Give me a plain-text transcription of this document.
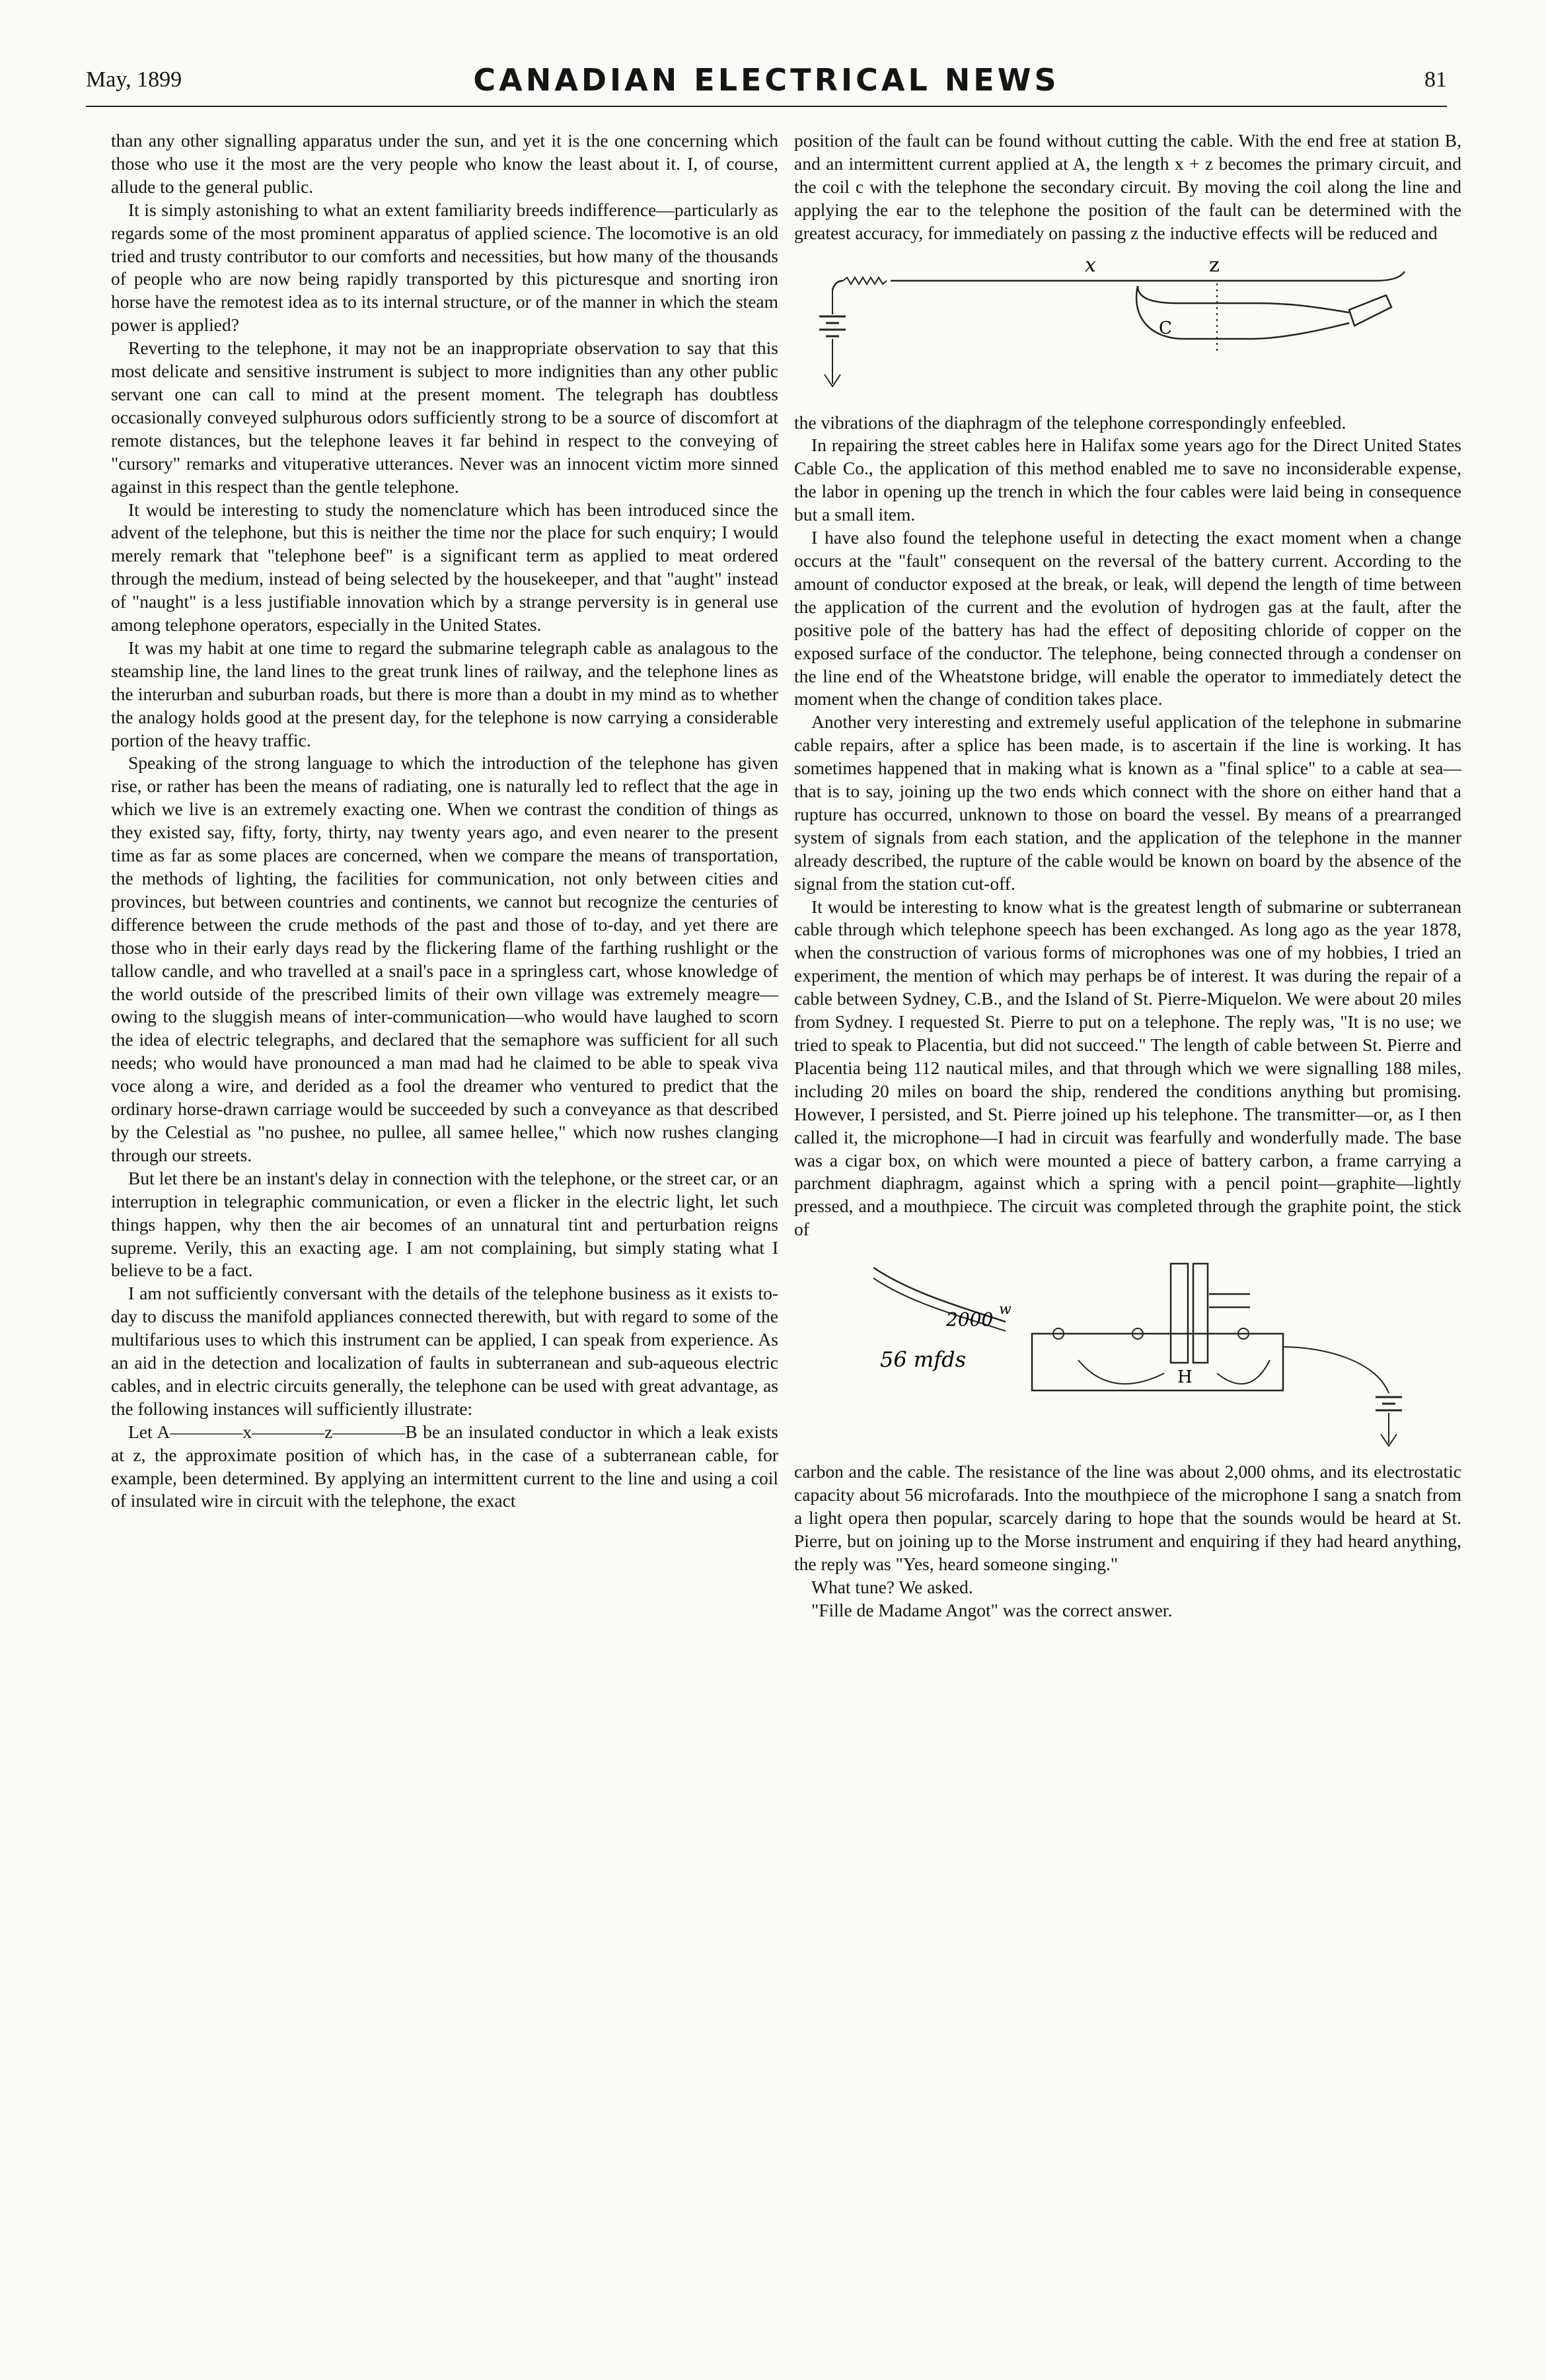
May, 1899	CANADIAN ELECTRICAL NEWS	81

than any other signalling apparatus under the sun, and yet it is the one concerning which those who use it the most are the very people who know the least about it. I, of course, allude to the general public.

It is simply astonishing to what an extent familiarity breeds indifference—particularly as regards some of the most prominent apparatus of applied science. The locomotive is an old tried and trusty contributor to our comforts and necessities, but how many of the thousands of people who are now being rapidly transported by this picturesque and snorting iron horse have the remotest idea as to its internal structure, or of the manner in which the steam power is applied?

Reverting to the telephone, it may not be an inappropriate observation to say that this most delicate and sensitive instrument is subject to more indignities than any other public servant one can call to mind at the present moment. The telegraph has doubtless occasionally conveyed sulphurous odors sufficiently strong to be a source of discomfort at remote distances, but the telephone leaves it far behind in respect to the conveying of "cursory" remarks and vituperative utterances. Never was an innocent victim more sinned against in this respect than the gentle telephone.

It would be interesting to study the nomenclature which has been introduced since the advent of the telephone, but this is neither the time nor the place for such enquiry; I would merely remark that "telephone beef" is a significant term as applied to meat ordered through the medium, instead of being selected by the housekeeper, and that "aught" instead of "naught" is a less justifiable innovation which by a strange perversity is in general use among telephone operators, especially in the United States.

It was my habit at one time to regard the submarine telegraph cable as analagous to the steamship line, the land lines to the great trunk lines of railway, and the telephone lines as the interurban and suburban roads, but there is more than a doubt in my mind as to whether the analogy holds good at the present day, for the telephone is now carrying a considerable portion of the heavy traffic.

Speaking of the strong language to which the introduction of the telephone has given rise, or rather has been the means of radiating, one is naturally led to reflect that the age in which we live is an extremely exacting one. When we contrast the condition of things as they existed say, fifty, forty, thirty, nay twenty years ago, and even nearer to the present time as far as some places are concerned, when we compare the means of transportation, the methods of lighting, the facilities for communication, not only between cities and provinces, but between countries and continents, we cannot but recognize the centuries of difference between the crude methods of the past and those of to-day, and yet there are those who in their early days read by the flickering flame of the farthing rushlight or the tallow candle, and who travelled at a snail's pace in a springless cart, whose knowledge of the world outside of the prescribed limits of their own village was extremely meagre—owing to the sluggish means of inter-communication—who would have laughed to scorn the idea of electric telegraphs, and declared that the semaphore was sufficient for all such needs; who would have pronounced a man mad had he claimed to be able to speak viva voce along a wire, and derided as a fool the dreamer who ventured to predict that the ordinary horse-drawn carriage would be succeeded by such a conveyance as that described by the Celestial as "no pushee, no pullee, all samee hellee," which now rushes clanging through our streets.

But let there be an instant's delay in connection with the telephone, or the street car, or an interruption in telegraphic communication, or even a flicker in the electric light, let such things happen, why then the air becomes of an unnatural tint and perturbation reigns supreme. Verily, this an exacting age. I am not complaining, but simply stating what I believe to be a fact.

I am not sufficiently conversant with the details of the telephone business as it exists to-day to discuss the manifold appliances connected therewith, but with regard to some of the multifarious uses to which this instrument can be applied, I can speak from experience. As an aid in the detection and localization of faults in subterranean and sub-aqueous electric cables, and in electric circuits generally, the telephone can be used with great advantage, as the following instances will sufficiently illustrate:

Let A————x————z————B be an insulated conductor in which a leak exists at z, the approximate position of which has, in the case of a subterranean cable, for example, been determined. By applying an intermittent current to the line and using a coil of insulated wire in circuit with the telephone, the exact

position of the fault can be found without cutting the cable. With the end free at station B, and an intermittent current applied at A, the length x + z becomes the primary circuit, and the coil c with the telephone the secondary circuit. By moving the coil along the line and applying the ear to the telephone the position of the fault can be determined with the greatest accuracy, for immediately on passing z the inductive effects will be reduced and

x	z
C

the vibrations of the diaphragm of the telephone correspondingly enfeebled.

In repairing the street cables here in Halifax some years ago for the Direct United States Cable Co., the application of this method enabled me to save no inconsiderable expense, the labor in opening up the trench in which the four cables were laid being in consequence but a small item.

I have also found the telephone useful in detecting the exact moment when a change occurs at the "fault" consequent on the reversal of the battery current. According to the amount of conductor exposed at the break, or leak, will depend the length of time between the application of the current and the evolution of hydrogen gas at the fault, after the positive pole of the battery has had the effect of depositing chloride of copper on the exposed surface of the conductor. The telephone, being connected through a condenser on the line end of the Wheatstone bridge, will enable the operator to immediately detect the moment when the change of condition takes place.

Another very interesting and extremely useful application of the telephone in submarine cable repairs, after a splice has been made, is to ascertain if the line is working. It has sometimes happened that in making what is known as a "final splice" to a cable at sea—that is to say, joining up the two ends which connect with the shore on either hand that a rupture has occurred, unknown to those on board the vessel. By means of a prearranged system of signals from each station, and the application of the telephone in the manner already described, the rupture of the cable would be known on board by the absence of the signal from the station cut-off.

It would be interesting to know what is the greatest length of submarine or subterranean cable through which telephone speech has been exchanged. As long ago as the year 1878, when the construction of various forms of microphones was one of my hobbies, I tried an experiment, the mention of which may perhaps be of interest. It was during the repair of a cable between Sydney, C.B., and the Island of St. Pierre-Miquelon. We were about 20 miles from Sydney. I requested St. Pierre to put on a telephone. The reply was, "It is no use; we tried to speak to Placentia, but did not succeed." The length of cable between St. Pierre and Placentia being 112 nautical miles, and that through which we were signalling 188 miles, including 20 miles on board the ship, rendered the conditions anything but promising. However, I persisted, and St. Pierre joined up his telephone. The transmitter—or, as I then called it, the microphone—I had in circuit was fearfully and wonderfully made. The base was a cigar box, on which were mounted a piece of battery carbon, a frame carrying a parchment diaphragm, against which a spring with a pencil point—graphite—lightly pressed, and a mouthpiece. The circuit was completed through the graphite point, the stick of

2000 w
56 mfds
H

carbon and the cable. The resistance of the line was about 2,000 ohms, and its electrostatic capacity about 56 microfarads. Into the mouthpiece of the microphone I sang a snatch from a light opera then popular, scarcely daring to hope that the sounds would be heard at St. Pierre, but on joining up to the Morse instrument and enquiring if they had heard anything, the reply was "Yes, heard someone singing."

What tune? We asked.

"Fille de Madame Angot" was the correct answer.
